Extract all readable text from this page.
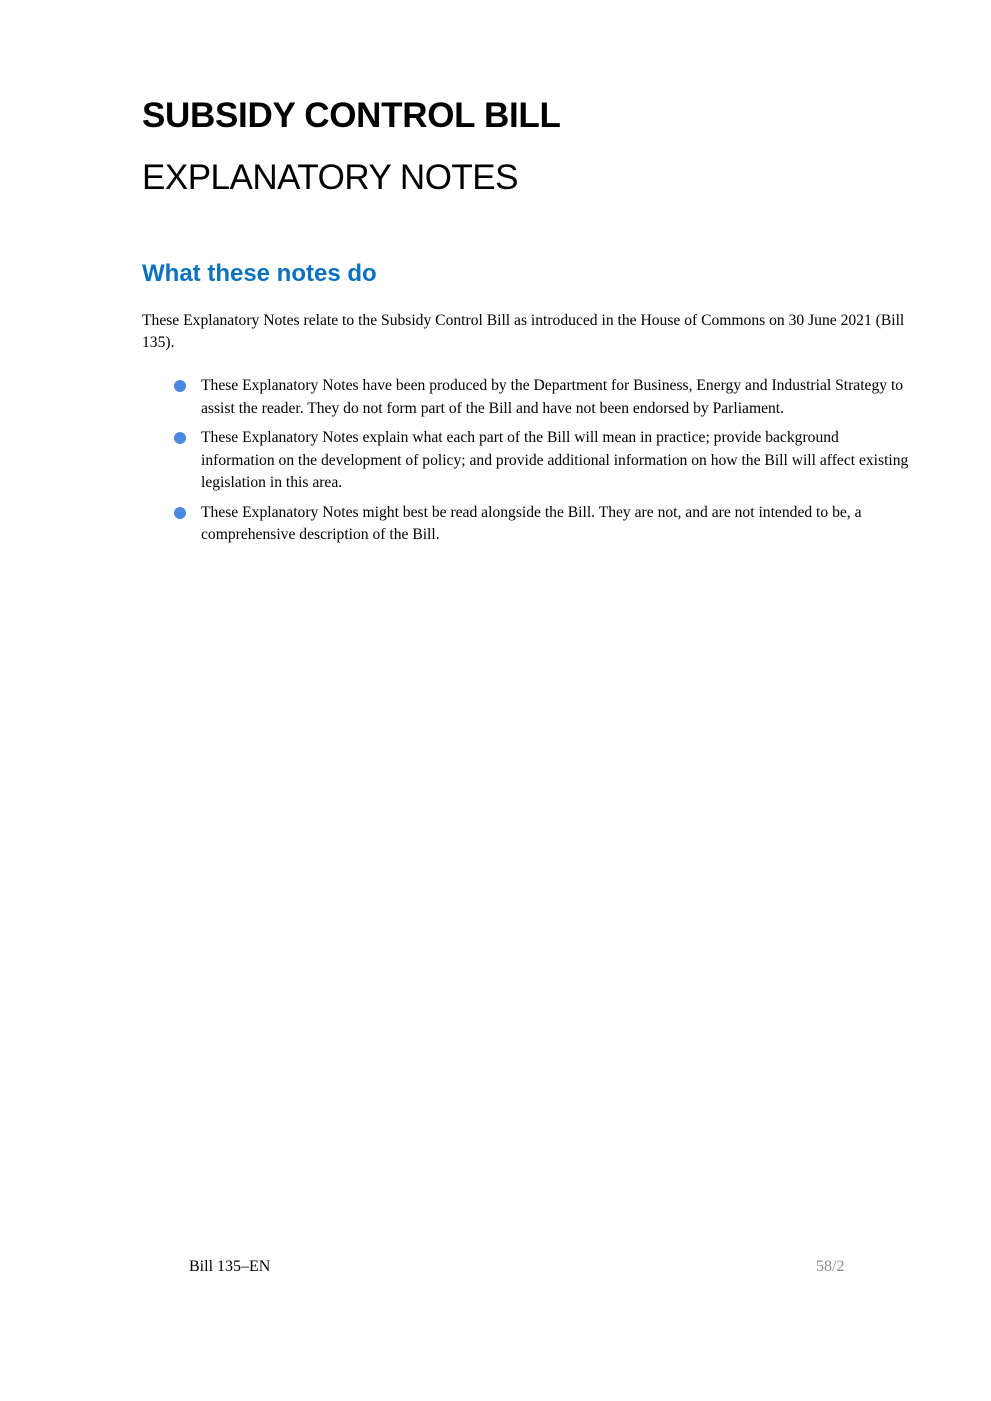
SUBSIDY CONTROL BILL
EXPLANATORY NOTES
What these notes do

These Explanatory Notes relate to the Subsidy Control Bill as introduced in the House of Commons on 30 June 2021 (Bill 135).

These Explanatory Notes have been produced by the Department for Business, Energy and Industrial Strategy to assist the reader. They do not form part of the Bill and have not been endorsed by Parliament.
These Explanatory Notes explain what each part of the Bill will mean in practice; provide background information on the development of policy; and provide additional information on how the Bill will affect existing legislation in this area.
These Explanatory Notes might best be read alongside the Bill. They are not, and are not intended to be, a comprehensive description of the Bill.
Bill 135–EN	58/2
